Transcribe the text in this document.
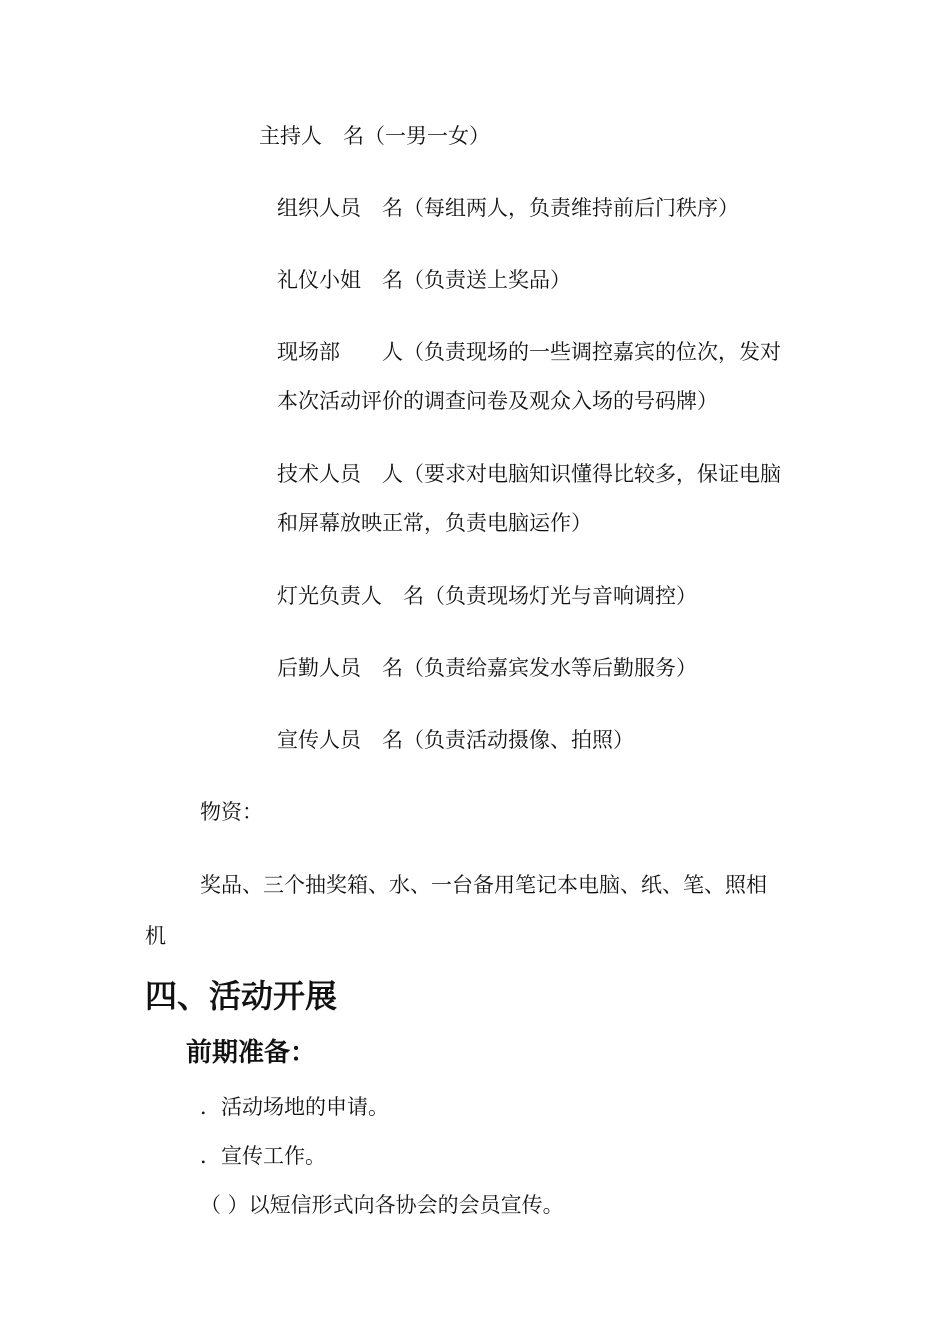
主持人　名（一男一女）
组织人员　名（每组两人，负责维持前后门秩序）
礼仪小姐　名（负责送上奖品）
现场部　　人（负责现场的一些调控嘉宾的位次，发对
本次活动评价的调查问卷及观众入场的号码牌）
技术人员　人（要求对电脑知识懂得比较多，保证电脑
和屏幕放映正常，负责电脑运作）
灯光负责人　名（负责现场灯光与音响调控）
后勤人员　名（负责给嘉宾发水等后勤服务）
宣传人员　名（负责活动摄像、拍照）
物资：
奖品、三个抽奖箱、水、一台备用笔记本电脑、纸、笔、照相
机
四、活动开展
前期准备：
．活动场地的申请。
．宣传工作。
（ ）以短信形式向各协会的会员宣传。
